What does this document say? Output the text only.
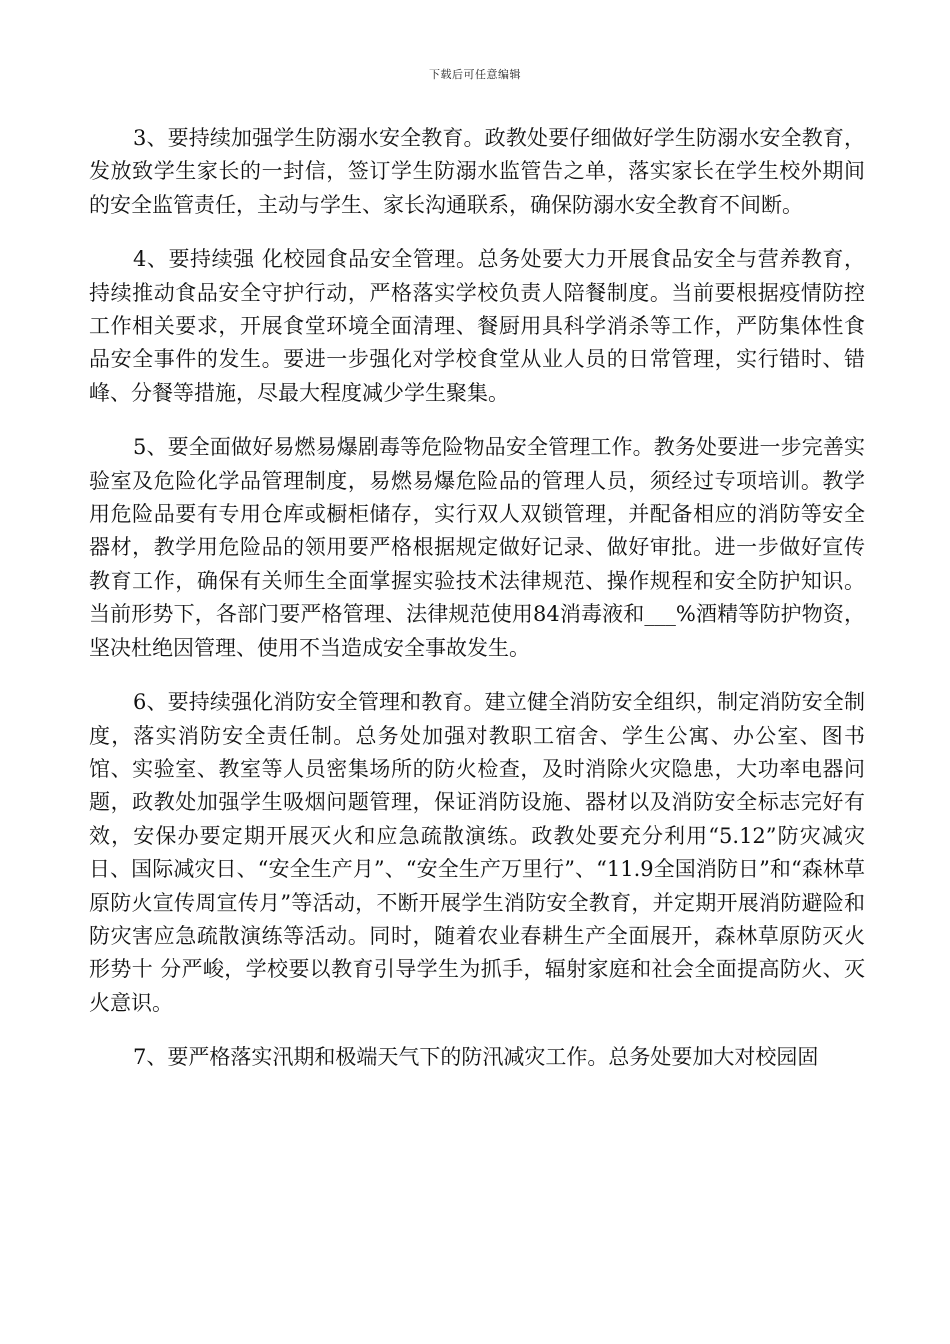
下载后可任意编辑

3、要持续加强学生防溺水安全教育。政教处要仔细做好学生防溺水安全教育，发放致学生家长的一封信，签订学生防溺水监管告之单，落实家长在学生校外期间的安全监管责任，主动与学生、家长沟通联系，确保防溺水安全教育不间断。

4、要持续强 化校园食品安全管理。总务处要大力开展食品安全与营养教育，持续推动食品安全守护行动，严格落实学校负责人陪餐制度。当前要根据疫情防控工作相关要求，开展食堂环境全面清理、餐厨用具科学消杀等工作，严防集体性食品安全事件的发生。要进一步强化对学校食堂从业人员的日常管理，实行错时、错峰、分餐等措施，尽最大程度减少学生聚集。

5、要全面做好易燃易爆剧毒等危险物品安全管理工作。教务处要进一步完善实验室及危险化学品管理制度，易燃易爆危险品的管理人员，须经过专项培训。教学用危险品要有专用仓库或橱柜储存，实行双人双锁管理，并配备相应的消防等安全器材，教学用危险品的领用要严格根据规定做好记录、做好审批。进一步做好宣传教育工作，确保有关师生全面掌握实验技术法律规范、操作规程和安全防护知识。当前形势下，各部门要严格管理、法律规范使用84消毒液和___%酒精等防护物资，坚决杜绝因管理、使用不当造成安全事故发生。

6、要持续强化消防安全管理和教育。建立健全消防安全组织，制定消防安全制度，落实消防安全责任制。总务处加强对教职工宿舍、学生公寓、办公室、图书馆、实验室、教室等人员密集场所的防火检查，及时消除火灾隐患，大功率电器问题，政教处加强学生吸烟问题管理，保证消防设施、器材以及消防安全标志完好有效，安保办要定期开展灭火和应急疏散演练。政教处要充分利用“5.12”防灾减灾日、国际减灾日、“安全生产月”、“安全生产万里行”、“11.9全国消防日”和“森林草原防火宣传周宣传月”等活动，不断开展学生消防安全教育，并定期开展消防避险和防灾害应急疏散演练等活动。同时，随着农业春耕生产全面展开，森林草原防灭火形势十 分严峻，学校要以教育引导学生为抓手，辐射家庭和社会全面提高防火、灭火意识。

7、要严格落实汛期和极端天气下的防汛减灾工作。总务处要加大对校园固
